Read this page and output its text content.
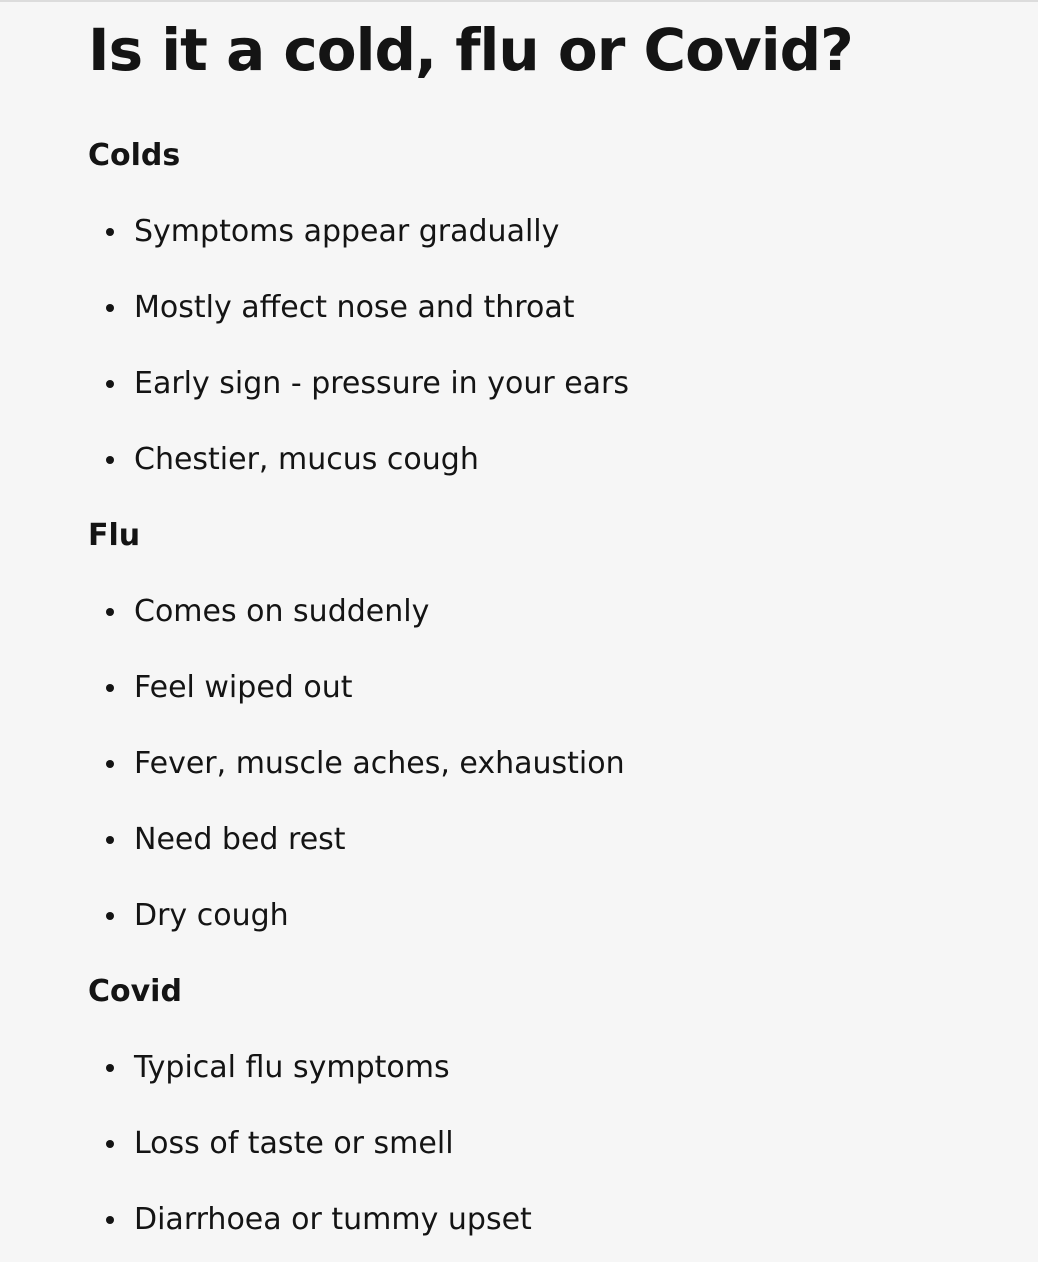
Is it a cold, flu or Covid?
Colds
Symptoms appear gradually
Mostly affect nose and throat
Early sign - pressure in your ears
Chestier, mucus cough
Flu
Comes on suddenly
Feel wiped out
Fever, muscle aches, exhaustion
Need bed rest
Dry cough
Covid
Typical flu symptoms
Loss of taste or smell
Diarrhoea or tummy upset
